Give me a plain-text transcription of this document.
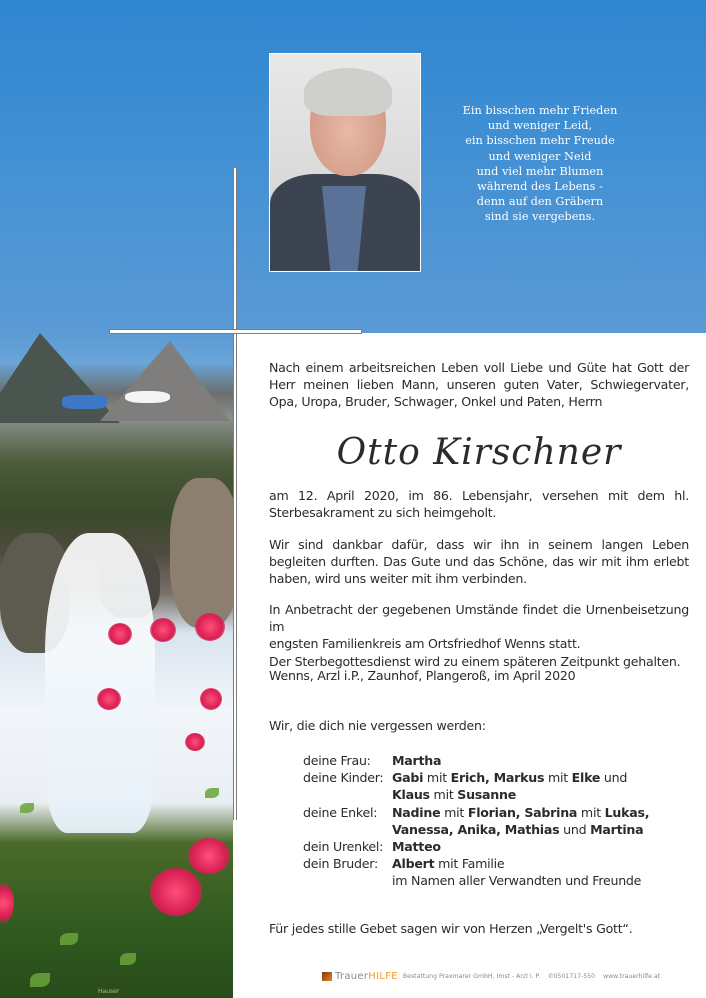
Hauser
Ein bisschen mehr Frieden
und weniger Leid,
ein bisschen mehr Freude
und weniger Neid
und viel mehr Blumen
während des Lebens -
denn auf den Gräbern
sind sie vergebens.
Nach einem arbeitsreichen Leben voll Liebe und Güte hat Gott der Herr meinen lieben Mann, unseren guten Vater, Schwiegervater, Opa, Uropa, Bruder, Schwager, Onkel und Paten, Herrn
Otto Kirschner
am 12. April 2020, im 86. Lebensjahr, versehen mit dem hl. Sterbesakrament zu sich heimgeholt.
Wir sind dankbar dafür, dass wir ihn in seinem langen Leben begleiten durften. Das Gute und das Schöne, das wir mit ihm erlebt haben, wird uns weiter mit ihm verbinden.
In Anbetracht der gegebenen Umstände findet die Urnenbeisetzung im
engsten Familienkreis am Ortsfriedhof Wenns statt.
Der Sterbegottesdienst wird zu einem späteren Zeitpunkt gehalten.
Wenns, Arzl i.P., Zaunhof, Plangeroß, im April 2020
Wir, die dich nie vergessen werden:
deine Frau:	Martha
deine Kinder: Gabi mit Erich, Markus mit Elke und
Klaus mit Susanne
deine Enkel:	Nadine mit Florian, Sabrina mit Lukas,
Vanessa, Anika, Mathias und Martina
dein Urenkel: Matteo
dein Bruder:	Albert mit Familie
im Namen aller Verwandten und Freunde
Für jedes stille Gebet sagen wir von Herzen „Vergelt's Gott“.
Trauer HILFE Bestattung Praxmarer GmbH, Imst - Arzl i. P. ✆0501717-550 www.trauerhilfe.at
